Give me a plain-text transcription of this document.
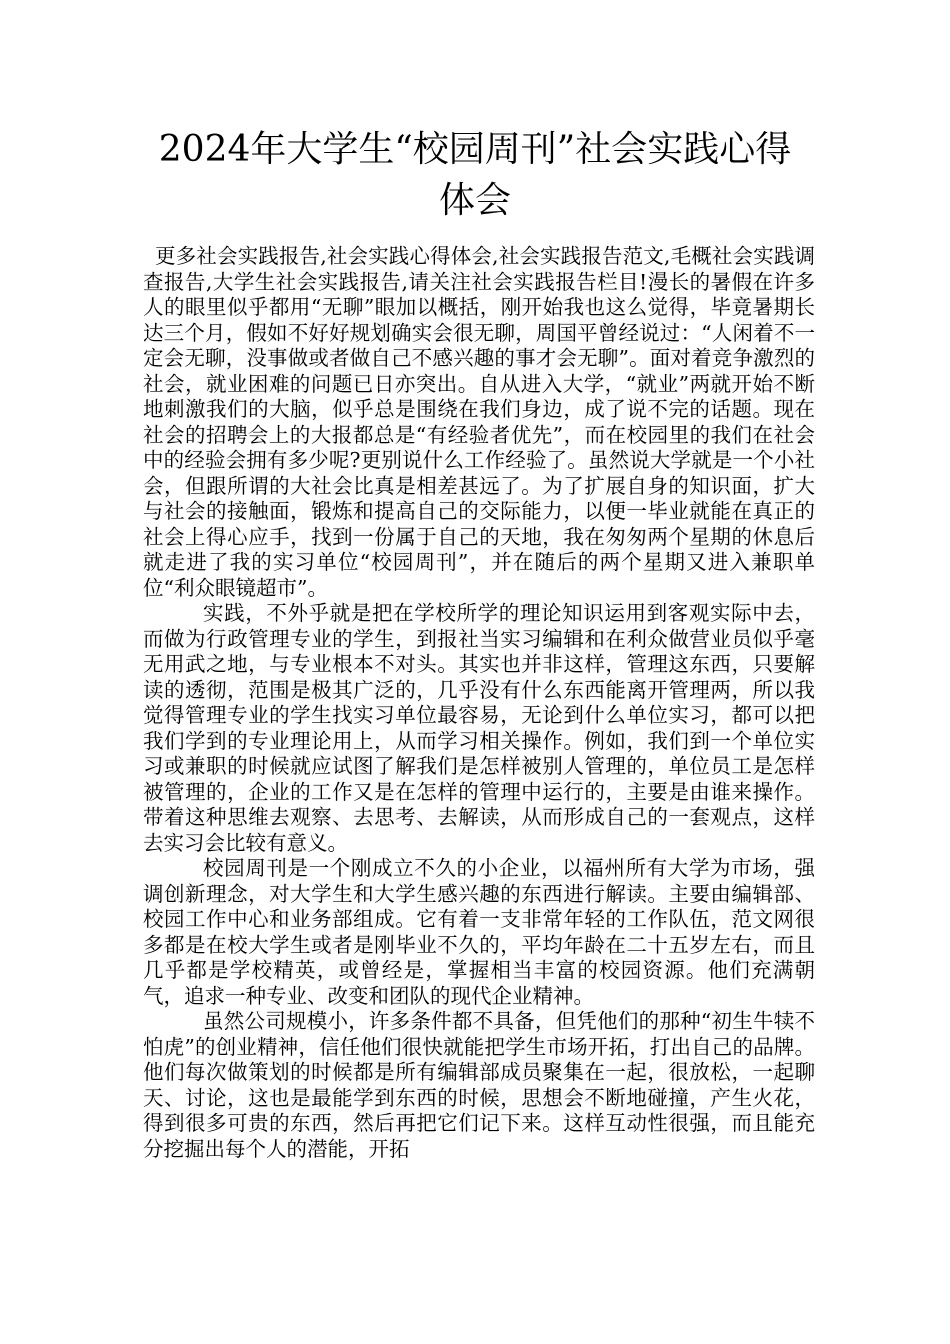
2024年大学生“校园周刊”社会实践心得
体会

更多社会实践报告,社会实践心得体会,社会实践报告范文,毛概社会实践调查报告,大学生社会实践报告,请关注社会实践报告栏目!漫长的暑假在许多人的眼里似乎都用“无聊”眼加以概括，刚开始我也这么觉得，毕竟暑期长达三个月，假如不好好规划确实会很无聊，周国平曾经说过：“人闲着不一定会无聊，没事做或者做自己不感兴趣的事才会无聊”。面对着竞争激烈的社会，就业困难的问题已日亦突出。自从进入大学，“就业”两就开始不断地刺激我们的大脑，似乎总是围绕在我们身边，成了说不完的话题。现在社会的招聘会上的大报都总是“有经验者优先”，而在校园里的我们在社会中的经验会拥有多少呢?更别说什么工作经验了。虽然说大学就是一个小社会，但跟所谓的大社会比真是相差甚远了。为了扩展自身的知识面，扩大与社会的接触面，锻炼和提高自己的交际能力，以便一毕业就能在真正的社会上得心应手，找到一份属于自己的天地，我在匆匆两个星期的休息后就走进了我的实习单位“校园周刊”，并在随后的两个星期又进入兼职单位“利众眼镜超市”。

实践，不外乎就是把在学校所学的理论知识运用到客观实际中去，而做为行政管理专业的学生，到报社当实习编辑和在利众做营业员似乎毫无用武之地，与专业根本不对头。其实也并非这样，管理这东西，只要解读的透彻，范围是极其广泛的，几乎没有什么东西能离开管理两，所以我觉得管理专业的学生找实习单位最容易，无论到什么单位实习，都可以把我们学到的专业理论用上，从而学习相关操作。例如，我们到一个单位实习或兼职的时候就应试图了解我们是怎样被别人管理的，单位员工是怎样被管理的，企业的工作又是在怎样的管理中运行的，主要是由谁来操作。带着这种思维去观察、去思考、去解读，从而形成自己的一套观点，这样去实习会比较有意义。

校园周刊是一个刚成立不久的小企业，以福州所有大学为市场，强调创新理念，对大学生和大学生感兴趣的东西进行解读。主要由编辑部、校园工作中心和业务部组成。它有着一支非常年轻的工作队伍，范文网很多都是在校大学生或者是刚毕业不久的，平均年龄在二十五岁左右，而且几乎都是学校精英，或曾经是，掌握相当丰富的校园资源。他们充满朝气，追求一种专业、改变和团队的现代企业精神。

虽然公司规模小，许多条件都不具备，但凭他们的那种“初生牛犊不怕虎”的创业精神，信任他们很快就能把学生市场开拓，打出自己的品牌。他们每次做策划的时候都是所有编辑部成员聚集在一起，很放松，一起聊天、讨论，这也是最能学到东西的时候，思想会不断地碰撞，产生火花，得到很多可贵的东西，然后再把它们记下来。这样互动性很强，而且能充分挖掘出每个人的潜能，开拓
